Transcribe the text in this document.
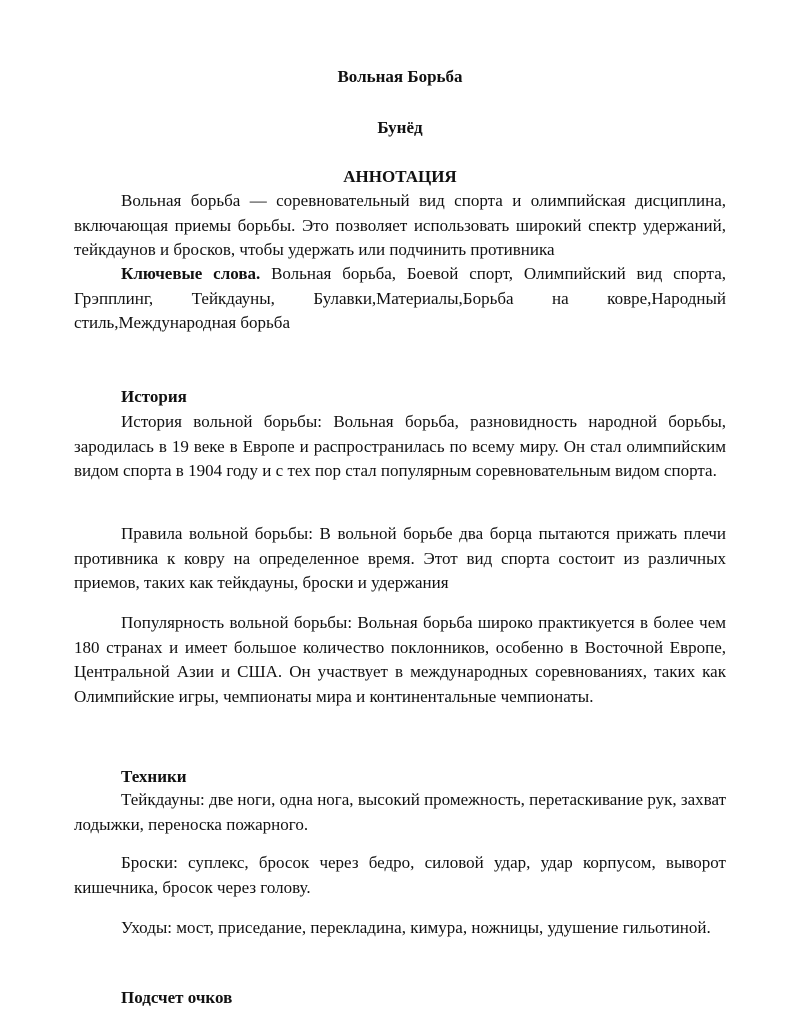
Вольная Борьба
Бунёд
АННОТАЦИЯ

Вольная борьба — соревновательный вид спорта и олимпийская дисциплина, включающая приемы борьбы. Это позволяет использовать широкий спектр удержаний, тейкдаунов и бросков, чтобы удержать или подчинить противника

Ключевые слова. Вольная борьба, Боевой спорт, Олимпийский вид спорта, Грэпплинг, Тейкдауны, Булавки,Материалы,Борьба на ковре,Народный стиль,Международная борьба

История

История вольной борьбы: Вольная борьба, разновидность народной борьбы, зародилась в 19 веке в Европе и распространилась по всему миру. Он стал олимпийским видом спорта в 1904 году и с тех пор стал популярным соревновательным видом спорта.

Правила вольной борьбы: В вольной борьбе два борца пытаются прижать плечи противника к ковру на определенное время. Этот вид спорта состоит из различных приемов, таких как тейкдауны, броски и удержания

Популярность вольной борьбы: Вольная борьба широко практикуется в более чем 180 странах и имеет большое количество поклонников, особенно в Восточной Европе, Центральной Азии и США. Он участвует в международных соревнованиях, таких как Олимпийские игры, чемпионаты мира и континентальные чемпионаты.

Техники

Тейкдауны: две ноги, одна нога, высокий промежность, перетаскивание рук, захват лодыжки, переноска пожарного.

Броски: суплекс, бросок через бедро, силовой удар, удар корпусом, выворот кишечника, бросок через голову.

Уходы: мост, приседание, перекладина, кимура, ножницы, удушение гильотиной.

Подсчет очков
